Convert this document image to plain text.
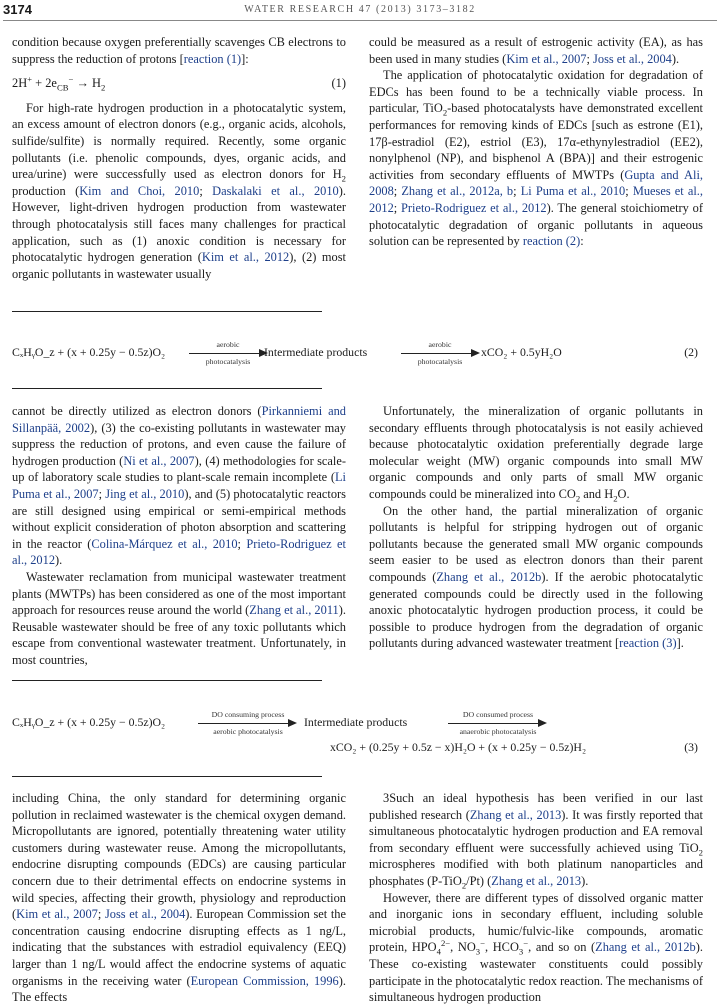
3174	WATER RESEARCH 47 (2013) 3173–3182

condition because oxygen preferentially scavenges CB electrons to suppress the reduction of protons [reaction (1)]:

$2H^+ + 2e_{CB}^- \to H_2$	(1)

For high-rate hydrogen production in a photocatalytic system, an excess amount of electron donors (e.g., organic acids, alcohols, sulfide/sulfite) is normally required. Recently, some organic pollutants (i.e. phenolic compounds, dyes, organic acids, and urea/urine) were successfully used as electron donors for $H_2$ production (Kim and Choi, 2010; Daskalaki et al., 2010). However, light-driven hydrogen production from wastewater through photocatalysis still faces many challenges for practical application, such as (1) anoxic condition is necessary for photocatalytic hydrogen generation (Kim et al., 2012), (2) most organic pollutants in wastewater usually

could be measured as a result of estrogenic activity (EA), as has been used in many studies (Kim et al., 2007; Joss et al., 2004).

The application of photocatalytic oxidation for degradation of EDCs has been found to be a technically viable process. In particular, TiO$_2$-based photocatalysts have demonstrated excellent performances for removing kinds of EDCs [such as estrone (E1), 17β-estradiol (E2), estriol (E3), 17α-ethynylestradiol (EE2), nonylphenol (NP), and bisphenol A (BPA)] and their estrogenic activities from secondary effluents of MWTPs (Gupta and Ali, 2008; Zhang et al., 2012a, b; Li Puma et al., 2010; Mueses et al., 2012; Prieto-Rodriguez et al., 2012). The general stoichiometry of photocatalytic degradation of organic pollutants in aqueous solution can be represented by reaction (2):

CₓHᵧO_z + (x + 0.25y − 0.5z)O₂
aerobic
photocatalysis
Intermediate products
aerobic
photocatalysis
xCO₂ + 0.5yH₂O	(2)

cannot be directly utilized as electron donors (Pirkanniemi and Sillanpää, 2002), (3) the co-existing pollutants in wastewater may suppress the reduction of protons, and even cause the failure of hydrogen production (Ni et al., 2007), (4) methodologies for scale-up of laboratory scale studies to plant-scale remain incomplete (Li Puma et al., 2007; Jing et al., 2010), and (5) photocatalytic reactors are still designed using empirical or semi-empirical methods without explicit consideration of photon absorption and scattering in the reactor (Colina-Márquez et al., 2010; Prieto-Rodriguez et al., 2012).

Wastewater reclamation from municipal wastewater treatment plants (MWTPs) has been considered as one of the most important approach for resources reuse around the world (Zhang et al., 2011). Reusable wastewater should be free of any toxic pollutants which escape from conventional wastewater treatment. Unfortunately, in most countries,

Unfortunately, the mineralization of organic pollutants in secondary effluents through photocatalysis is not easily achieved because photocatalytic oxidation preferentially degrade large molecular weight (MW) organic compounds into small MW organic compounds and only parts of small MW organic compounds could be mineralized into $CO_2$ and $H_2O$.

On the other hand, the partial mineralization of organic pollutants is helpful for stripping hydrogen out of organic pollutants because the generated small MW organic compounds seem easier to be used as electron donors than their parent compounds (Zhang et al., 2012b). If the aerobic photocatalytic generated compounds could be directly used in the following anoxic photocatalytic hydrogen production process, it could be possible to produce hydrogen from the degradation of organic pollutants during advanced wastewater treatment [reaction (3)].

CₓHᵧO_z + (x + 0.25y − 0.5z)O₂
DO consuming process
aerobic photocatalysis
Intermediate products
DO consumed process
anaerobic photocatalysis
xCO₂ + (0.25y + 0.5z − x)H₂O + (x + 0.25y − 0.5z)H₂	(3)

including China, the only standard for determining organic pollution in reclaimed wastewater is the chemical oxygen demand. Micropollutants are ignored, potentially threatening water utility customers during wastewater reuse. Among the micropollutants, endocrine disrupting compounds (EDCs) are causing particular concern due to their detrimental effects on endocrine systems in wild species, affecting their growth, physiology and reproduction (Kim et al., 2007; Joss et al., 2004). European Commission set the concentration causing endocrine disrupting effects as 1 ng/L, indicating that the substances with estradiol equivalency (EEQ) larger than 1 ng/L would affect the endocrine systems of aquatic organisms in the receiving water (European Commission, 1996). The effects

3Such an ideal hypothesis has been verified in our last published research (Zhang et al., 2013). It was firstly reported that simultaneous photocatalytic hydrogen production and EA removal from secondary effluent were successfully achieved using TiO$_2$ microspheres modified with both platinum nanoparticles and phosphates (P-TiO$_2$/Pt) (Zhang et al., 2013).

However, there are different types of dissolved organic matter and inorganic ions in secondary effluent, including soluble microbial products, humic/fulvic-like compounds, aromatic protein, $HPO_4^{2-}$, $NO_3^-$, $HCO_3^-$, and so on (Zhang et al., 2012b). These co-existing wastewater constituents could possibly participate in the photocatalytic redox reaction. The mechanisms of simultaneous hydrogen production
